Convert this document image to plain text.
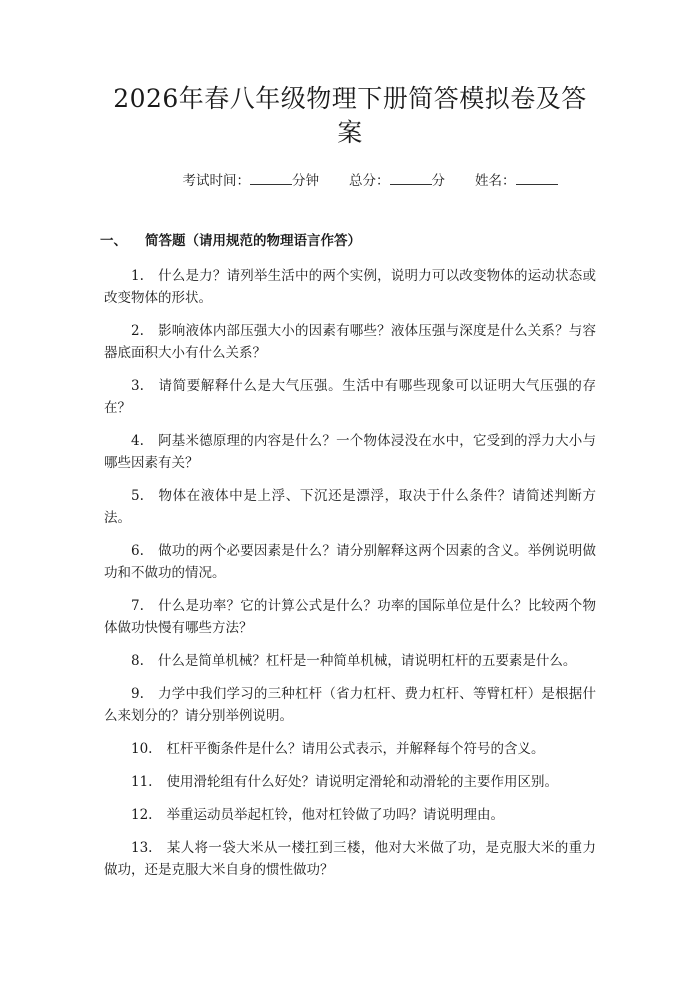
2026年春八年级物理下册简答模拟卷及答案
考试时间：	分钟 总分：	分 姓名：
一、 简答题（请用规范的物理语言作答）

1. 什么是力？请列举生活中的两个实例，说明力可以改变物体的运动状态或改变物体的形状。

2. 影响液体内部压强大小的因素有哪些？液体压强与深度是什么关系？与容器底面积大小有什么关系？

3. 请简要解释什么是大气压强。生活中有哪些现象可以证明大气压强的存在？

4. 阿基米德原理的内容是什么？一个物体浸没在水中，它受到的浮力大小与哪些因素有关？

5. 物体在液体中是上浮、下沉还是漂浮，取决于什么条件？请简述判断方法。

6. 做功的两个必要因素是什么？请分别解释这两个因素的含义。举例说明做功和不做功的情况。

7. 什么是功率？它的计算公式是什么？功率的国际单位是什么？比较两个物体做功快慢有哪些方法？

8. 什么是简单机械？杠杆是一种简单机械，请说明杠杆的五要素是什么。

9. 力学中我们学习的三种杠杆（省力杠杆、费力杠杆、等臂杠杆）是根据什么来划分的？请分别举例说明。

10. 杠杆平衡条件是什么？请用公式表示，并解释每个符号的含义。

11. 使用滑轮组有什么好处？请说明定滑轮和动滑轮的主要作用区别。

12. 举重运动员举起杠铃，他对杠铃做了功吗？请说明理由。

13. 某人将一袋大米从一楼扛到三楼，他对大米做了功，是克服大米的重力做功，还是克服大米自身的惯性做功？
